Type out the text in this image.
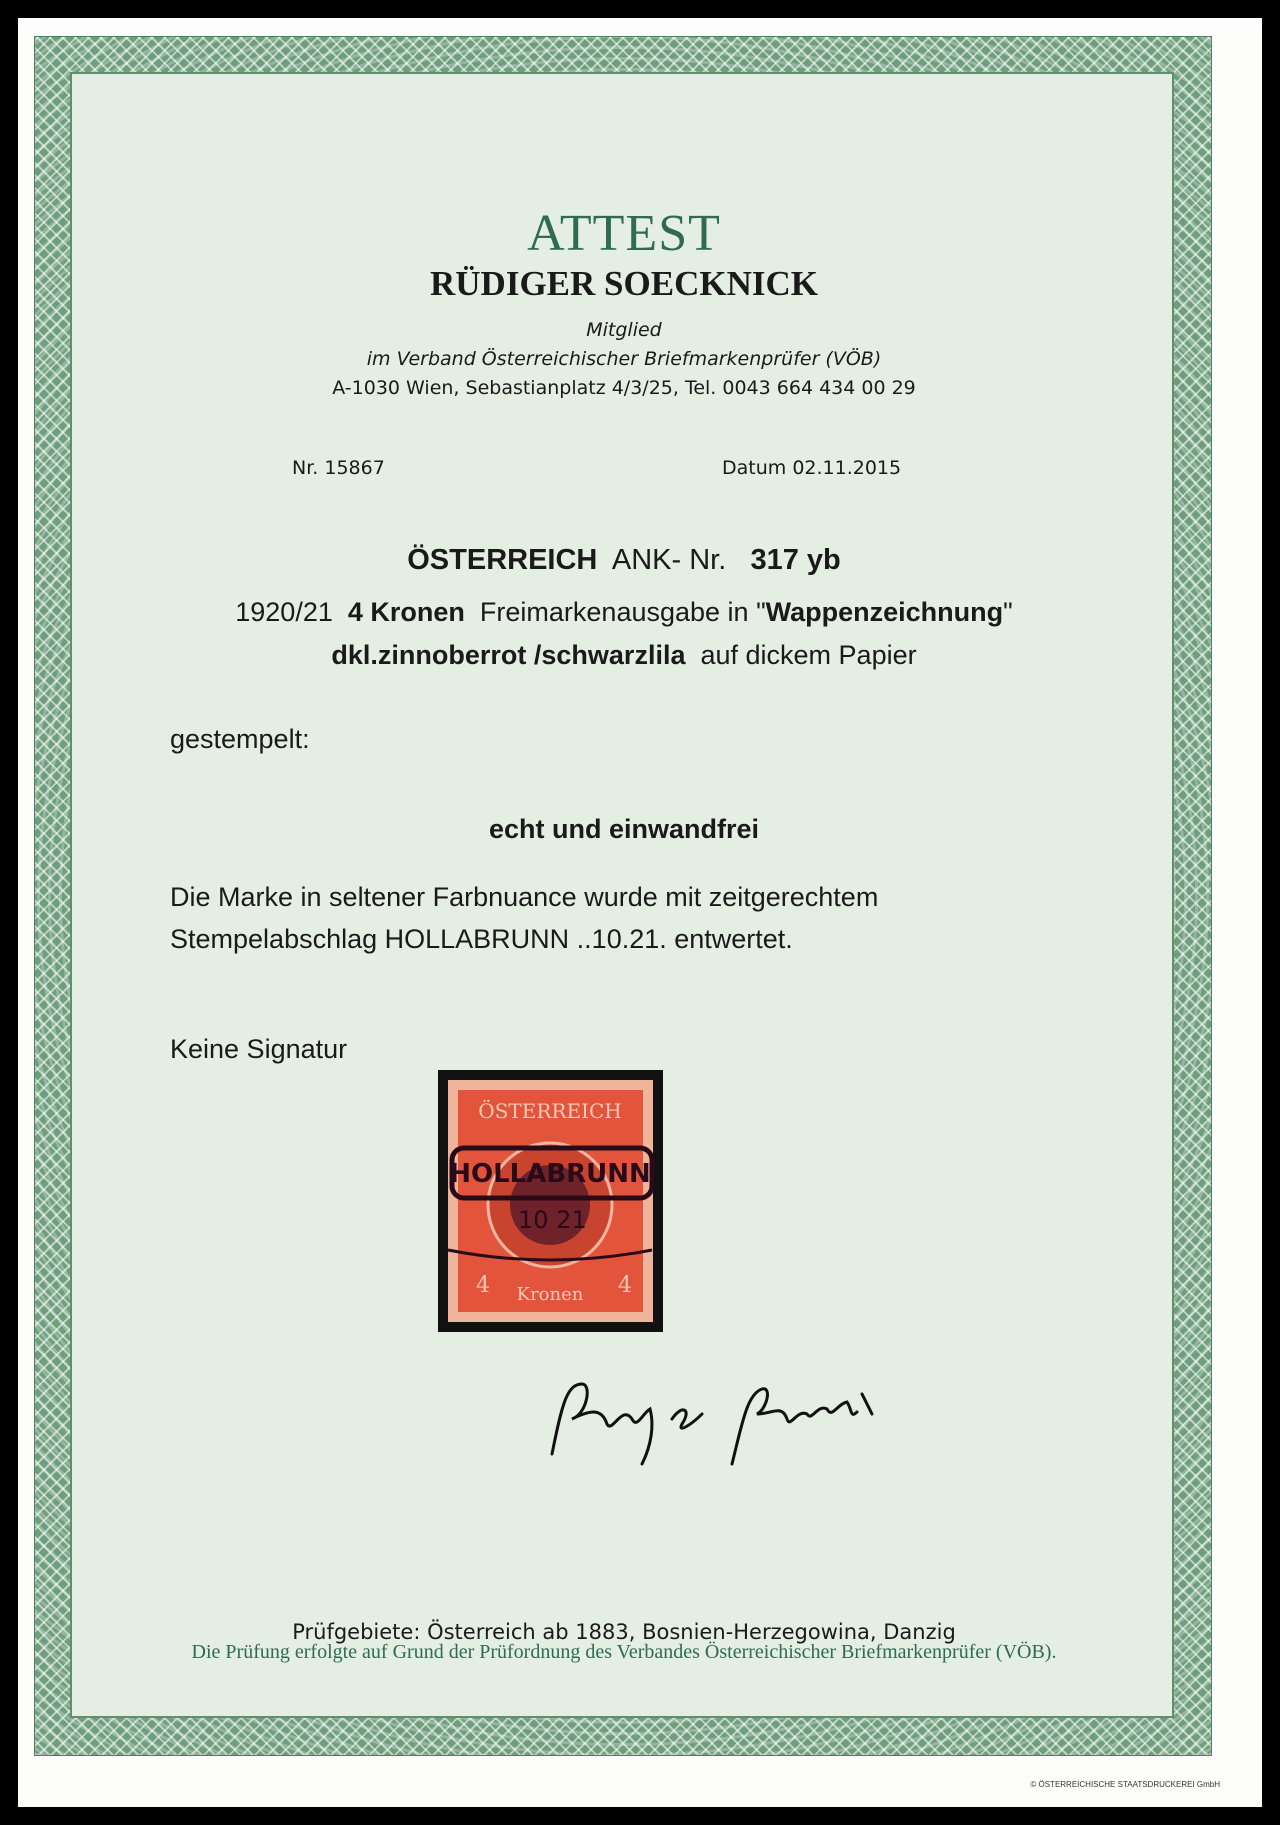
ATTEST
RÜDIGER SOECKNICK
Mitglied
im Verband Österreichischer Briefmarkenprüfer (VÖB)
A-1030 Wien, Sebastianplatz 4/3/25, Tel. 0043 664 434 00 29
Nr. 15867	Datum 02.11.2015
ÖSTERREICH ANK- Nr. 317 yb
1920/21 4 Kronen Freimarkenausgabe in "Wappenzeichnung"
dkl.zinnoberrot /schwarzlila auf dickem Papier
gestempelt:
echt und einwandfrei
Die Marke in seltener Farbnuance wurde mit zeitgerechtem
Stempelabschlag HOLLABRUNN ..10.21. entwertet.
Keine Signatur
ÖSTERREICH
HOLLABRUNN
10 21
4	4
Kronen
Prüfgebiete: Österreich ab 1883, Bosnien-Herzegowina, Danzig
Die Prüfung erfolgte auf Grund der Prüfordnung des Verbandes Österreichischer Briefmarkenprüfer (VÖB).
© ÖSTERREICHISCHE STAATSDRUCKEREI GmbH
